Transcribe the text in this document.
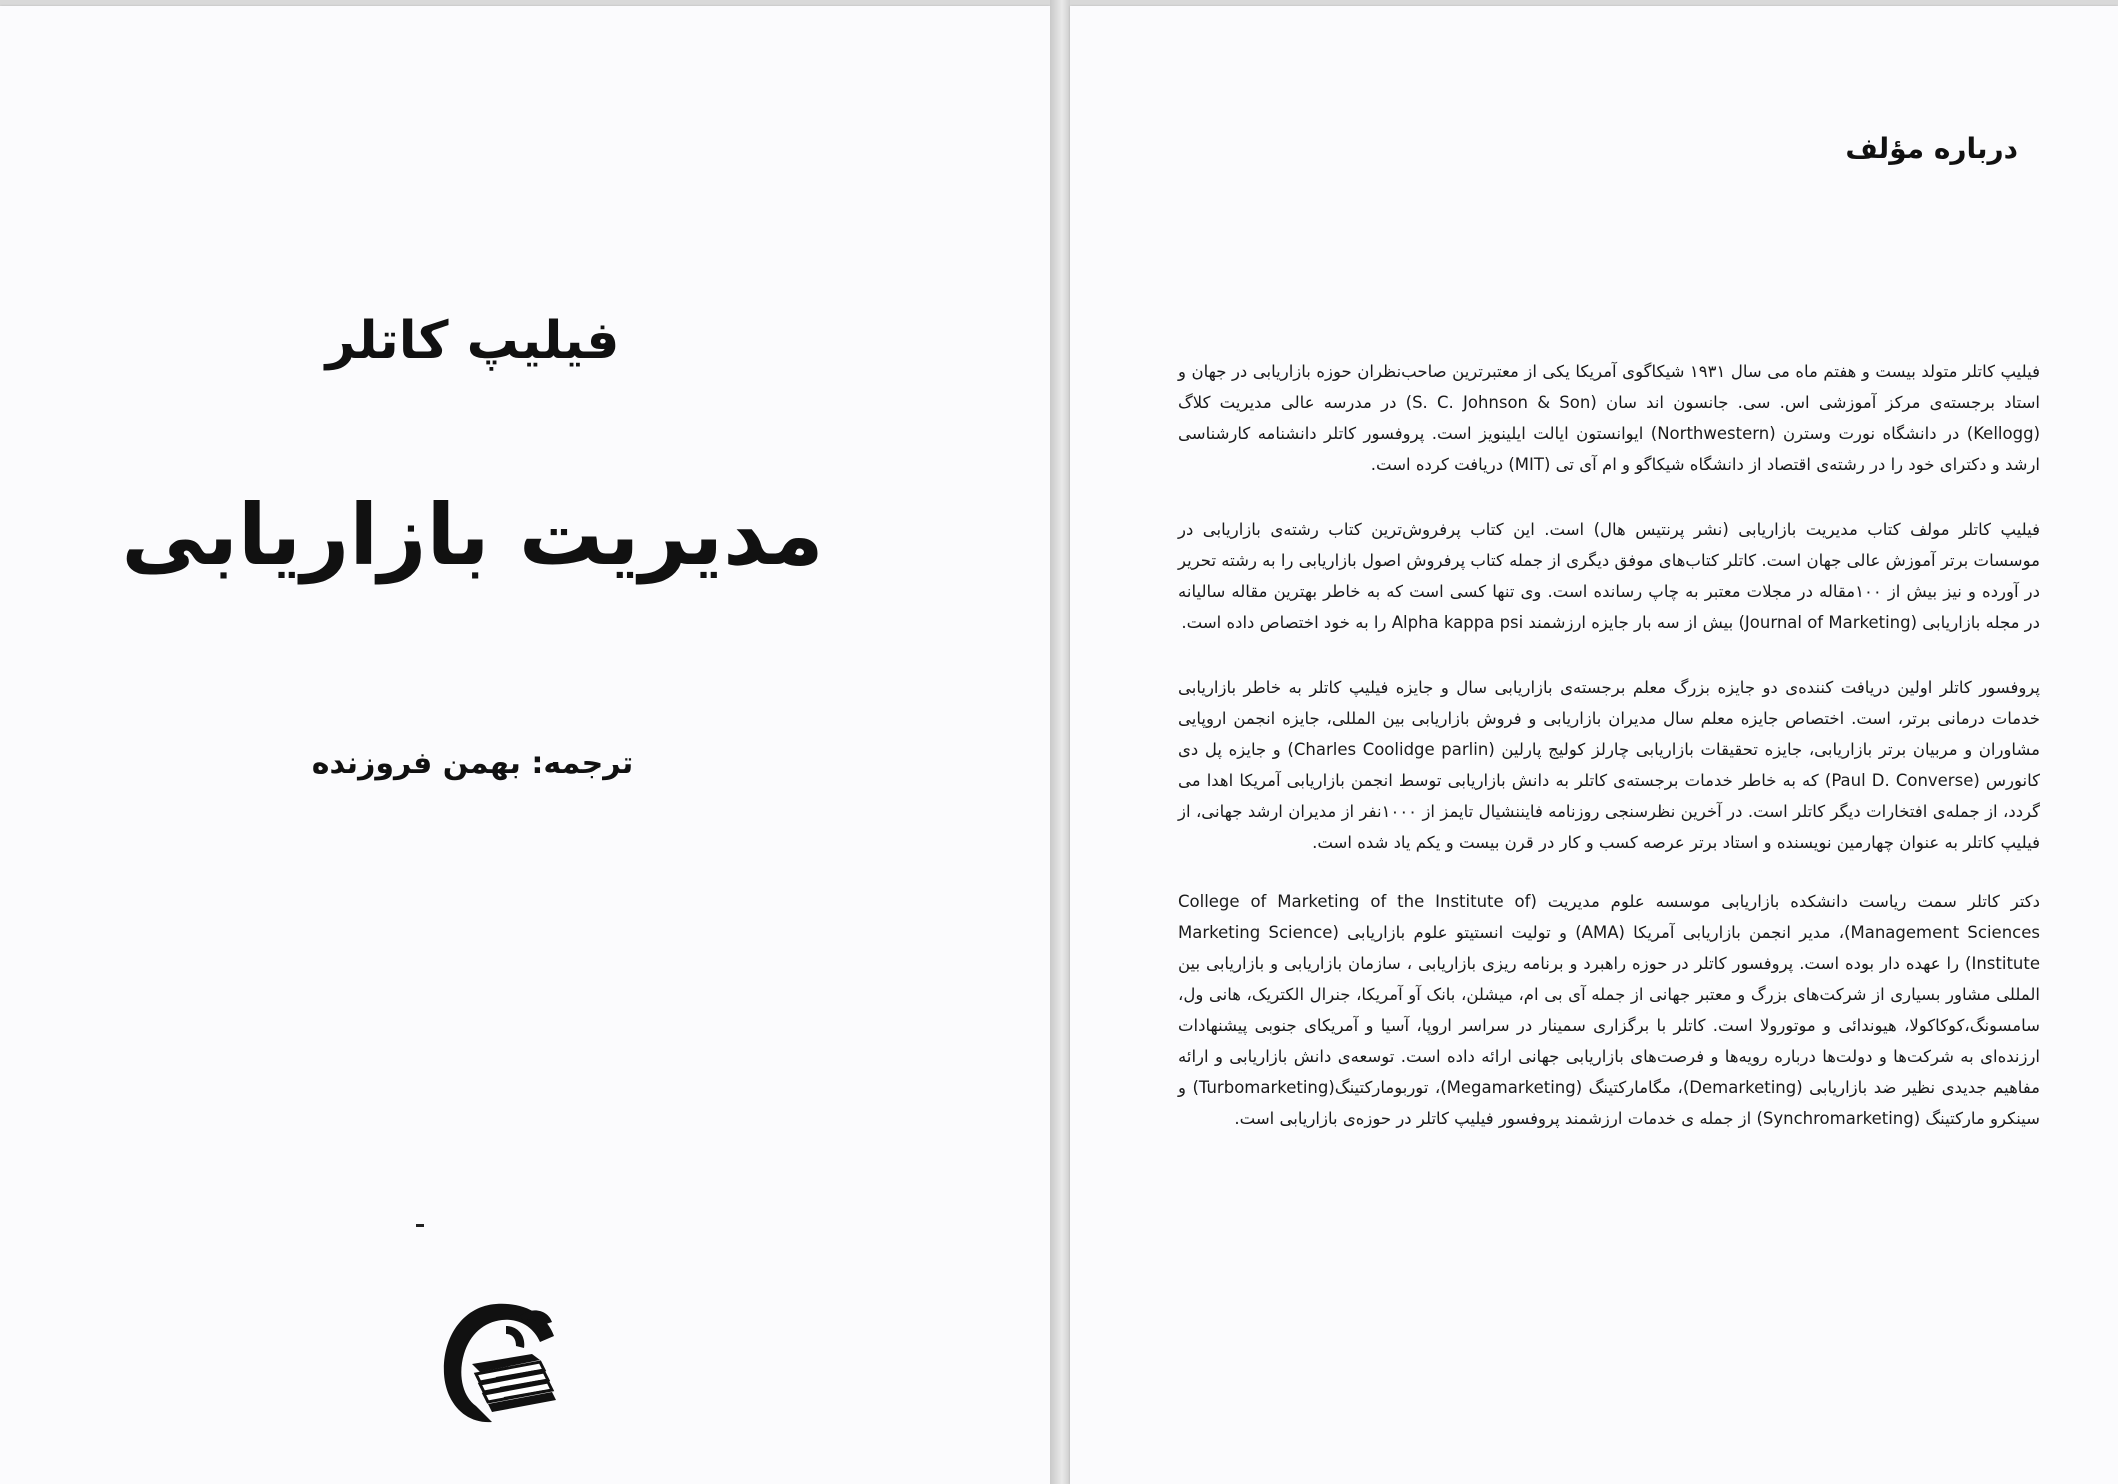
فیلیپ کاتلر
مدیریت بازاریابی
ترجمه: بهمن فروزنده
درباره مؤلف
فیلیپ کاتلر متولد بیست و هفتم ماه می سال ۱۹۳۱ شیکاگوی آمریکا یکی از معتبرترین صاحب‌نظران حوزه بازاریابی در جهان و استاد برجسته‌ی مرکز آموزشی اس. سی. جانسون اند سان (S. C. Johnson & Son) در مدرسه عالی مدیریت کلاگ (Kellogg) در دانشگاه نورت وسترن (Northwestern) ایوانستون ایالت ایلینویز است. پروفسور کاتلر دانشنامه کارشناسی ارشد و دکترای خود را در رشته‌ی اقتصاد از دانشگاه شیکاگو و ام آی تی (MIT) دریافت کرده است.
فیلیپ کاتلر مولف کتاب مدیریت بازاریابی (نشر پرنتیس هال) است. این کتاب پرفروش‌ترین کتاب رشته‌ی بازاریابی در موسسات برتر آموزش عالی جهان است. کاتلر کتاب‌های موفق دیگری از جمله کتاب پرفروش اصول بازاریابی را به رشته تحریر در آورده و نیز بیش از ۱۰۰مقاله در مجلات معتبر به چاپ رسانده است. وی تنها کسی است که به خاطر بهترین مقاله سالیانه در مجله بازاریابی (Journal of Marketing) بیش از سه بار جایزه ارزشمند Alpha kappa psi را به خود اختصاص داده است.
پروفسور کاتلر اولین دریافت کننده‌ی دو جایزه بزرگ معلم برجسته‌ی بازاریابی سال و جایزه فیلیپ کاتلر به خاطر بازاریابی خدمات درمانی برتر، است. اختصاص جایزه معلم سال مدیران بازاریابی و فروش بازاریابی بین المللی، جایزه انجمن اروپایی مشاوران و مربیان برتر بازاریابی، جایزه تحقیقات بازاریابی چارلز کولیج پارلین (Charles Coolidge parlin) و جایزه پل دی کانورس (Paul D. Converse) که به خاطر خدمات برجسته‌ی کاتلر به دانش بازاریابی توسط انجمن بازاریابی آمریکا اهدا می گردد، از جمله‌ی افتخارات دیگر کاتلر است. در آخرین نظرسنجی روزنامه فایننشیال تایمز از ۱۰۰۰نفر از مدیران ارشد جهانی، از فیلیپ کاتلر به عنوان چهارمین نویسنده و استاد برتر عرصه کسب و کار در قرن بیست و یکم یاد شده است.
دکتر کاتلر سمت ریاست دانشکده بازاریابی موسسه علوم مدیریت (College of Marketing of the Institute of Management Sciences)، مدیر انجمن بازاریابی آمریکا (AMA) و تولیت انستیتو علوم بازاریابی (Marketing Science Institute) را عهده دار بوده است. پروفسور کاتلر در حوزه راهبرد و برنامه ریزی بازاریابی ، سازمان بازاریابی و بازاریابی بین المللی مشاور بسیاری از شرکت‌های بزرگ و معتبر جهانی از جمله آی بی ام، میشلن، بانک آو آمریکا، جنرال الکتریک، هانی ول، سامسونگ،کوکاکولا، هیوندائی و موتورولا است. کاتلر با برگزاری سمینار در سراسر اروپا، آسیا و آمریکای جنوبی پیشنهادات ارزنده‌ای به شرکت‌ها و دولت‌ها درباره رویه‌ها و فرصت‌های بازاریابی جهانی ارائه داده است. توسعه‌ی دانش بازاریابی و ارائه مفاهیم جدیدی نظیر ضد بازاریابی (Demarketing)، مگامارکتینگ (Megamarketing)، توربومارکتینگ(Turbomarketing) و سینکرو مارکتینگ (Synchromarketing) از جمله ی خدمات ارزشمند پروفسور فیلیپ کاتلر در حوزه‌ی بازاریابی است.
